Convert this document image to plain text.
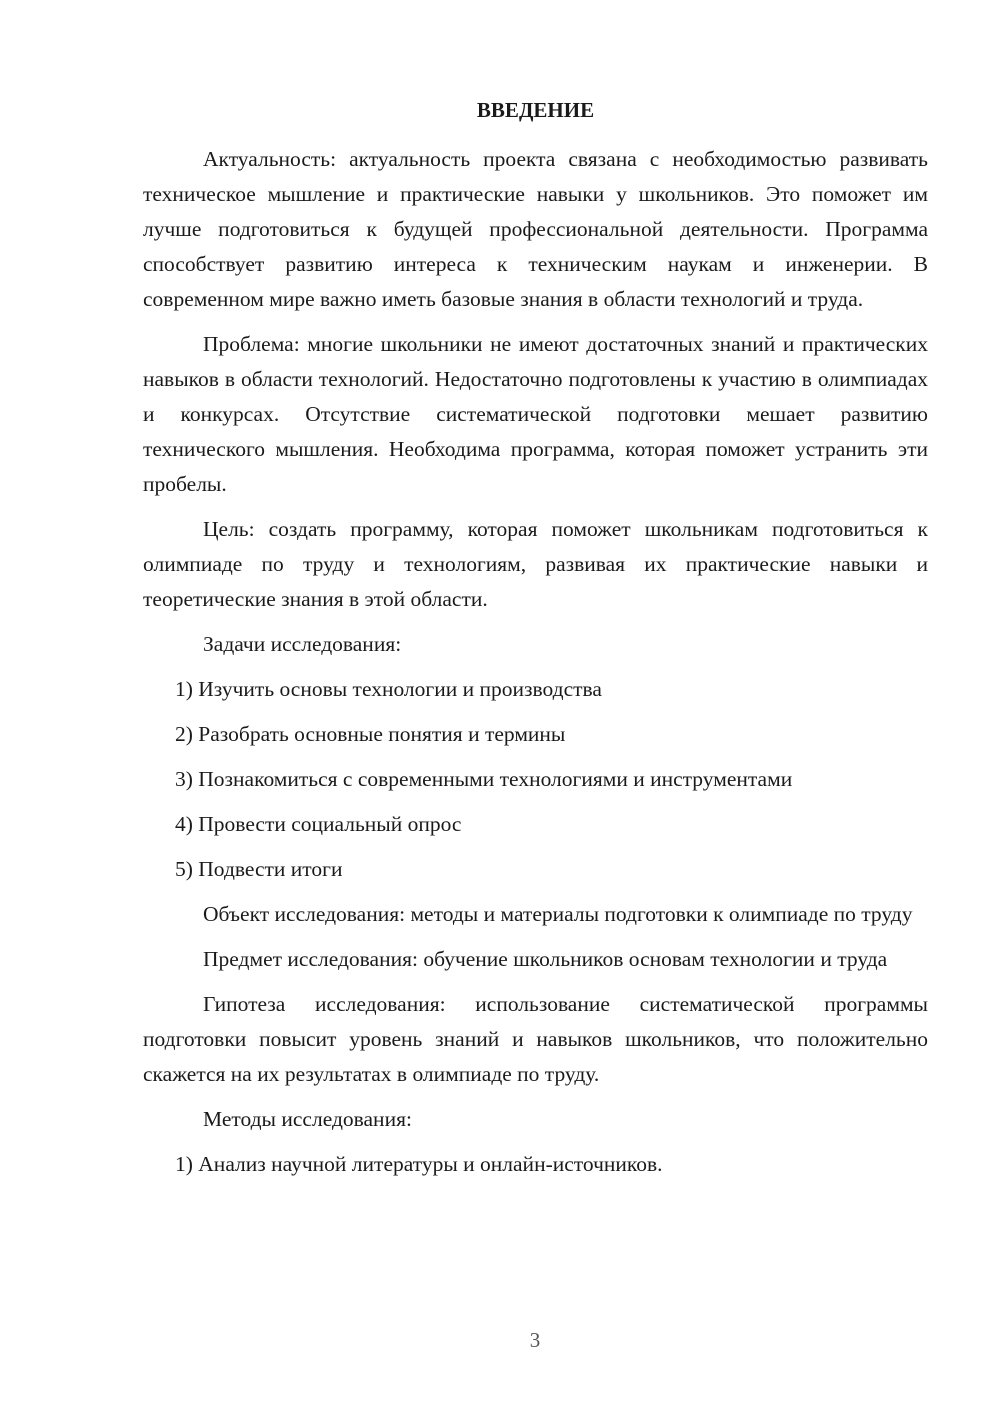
ВВЕДЕНИЕ

Актуальность: актуальность проекта связана с необходимостью развивать техническое мышление и практические навыки у школьников. Это поможет им лучше подготовиться к будущей профессиональной деятельности. Программа способствует развитию интереса к техническим наукам и инженерии. В современном мире важно иметь базовые знания в области технологий и труда.

Проблема: многие школьники не имеют достаточных знаний и практических навыков в области технологий. Недостаточно подготовлены к участию в олимпиадах и конкурсах. Отсутствие систематической подготовки мешает развитию технического мышления. Необходима программа, которая поможет устранить эти пробелы.

Цель: создать программу, которая поможет школьникам подготовиться к олимпиаде по труду и технологиям, развивая их практические навыки и теоретические знания в этой области.

Задачи исследования:

1) Изучить основы технологии и производства

2) Разобрать основные понятия и термины

3) Познакомиться с современными технологиями и инструментами

4) Провести социальный опрос

5) Подвести итоги

Объект исследования: методы и материалы подготовки к олимпиаде по труду

Предмет исследования: обучение школьников основам технологии и труда

Гипотеза исследования: использование систематической программы подготовки повысит уровень знаний и навыков школьников, что положительно скажется на их результатах в олимпиаде по труду.

Методы исследования:

1) Анализ научной литературы и онлайн-источников.

3
